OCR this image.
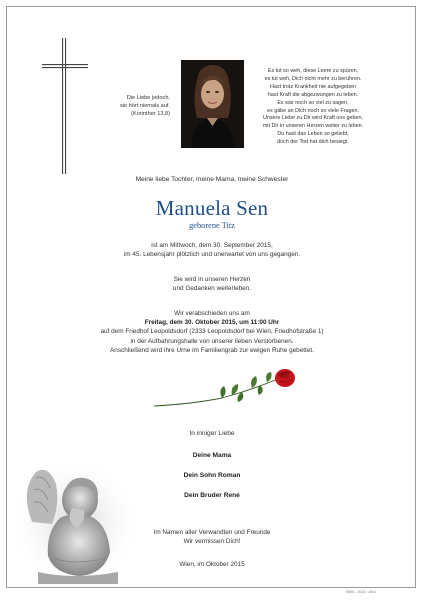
Die Liebe jedoch,
sie hört niemals auf.
(Korinther 13,8)
Es tut so weh, diese Leere zu spüren,
es tut weh, Dich nicht mehr zu berühren.
Hast trotz Krankheit nie aufgegeben
hast Kraft die abgezwungen zu leben.
Es wär noch so viel zu sagen,
es gäbe an Dich noch so viele Fragen.
Unsere Liebe zu Dir wird Kraft uns geben,
mit Dir in unseren Herzen weiter zu leben.
Du hast das Leben so geliebt,
doch der Tod hat dich besiegt.
Meine liebe Tochter, meine Mama, meine Schwester
Manuela Sen
geborene Titz
ist am Mittwoch, dem 30. September 2015,
im 45. Lebensjahr plötzlich und unerwartet von uns gegangen.
Sie wird in unseren Herzen
und Gedanken weiterleben.
Wir verabschieden uns am
Freitag, dem 30. Oktober 2015, um 11:00 Uhr
auf dem Friedhof Leopoldsdorf (2333 Leopoldsdorf bei Wien, Friedhofstraße 1)
in der Aufbahrungshalle von unserer lieben Verstorbenen.
Anschließend wird ihre Urne im Familiengrab zur ewigen Ruhe gebettet.
In inniger Liebe
Deine Mama
Dein Sohn Roman
Dein Bruder René
Im Namen aller Verwandten und Freunde
Wir vermissen Dich!
Wien, im Oktober 2015
0000 - 2015 / 1001
